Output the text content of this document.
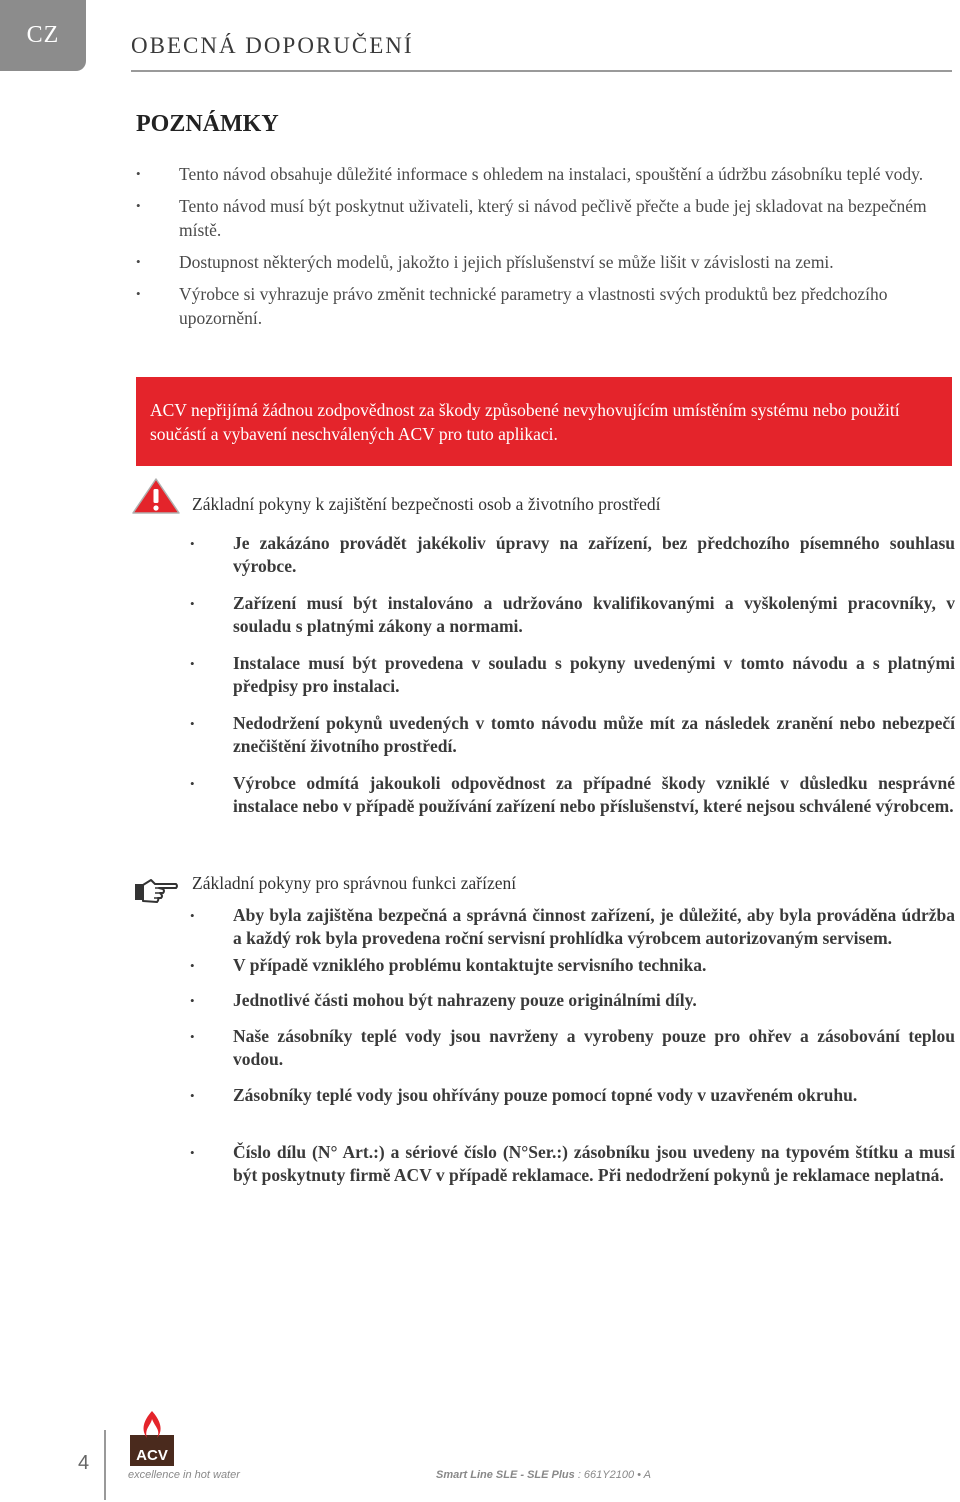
CZ	OBECNÁ DOPORUČENÍ
POZNÁMKY
• Tento návod obsahuje důležité informace s ohledem na instalaci, spouštění a údržbu zásobníku teplé vody.
• Tento návod musí být poskytnut uživateli, který si návod pečlivě přečte a bude jej skladovat na bezpečném místě.
• Dostupnost některých modelů, jakožto i jejich příslušenství se může lišit v závislosti na zemi.
• Výrobce si vyhrazuje právo změnit technické parametry a vlastnosti svých produktů bez předchozího upozornění.

ACV nepřijímá žádnou zodpovědnost za škody způsobené nevyhovujícím umístěním systému nebo použití součástí a vybavení neschválených ACV pro tuto aplikaci.

Základní pokyny k zajištění bezpečnosti osob a životního prostředí
• Je zakázáno provádět jakékoliv úpravy na zařízení, bez předchozího písemného souhlasu výrobce.
• Zařízení musí být instalováno a udržováno kvalifikovanými a vyškolenými pracovníky, v souladu s platnými zákony a normami.
• Instalace musí být provedena v souladu s pokyny uvedenými v tomto návodu a s platnými předpisy pro instalaci.
• Nedodržení pokynů uvedených v tomto návodu může mít za následek zranění nebo nebezpečí znečištění životního prostředí.
• Výrobce odmítá jakoukoli odpovědnost za případné škody vzniklé v důsledku nesprávné instalace nebo v případě používání zařízení nebo příslušenství, které nejsou schválené výrobcem.
Základní pokyny pro správnou funkci zařízení
• Aby byla zajištěna bezpečná a správná činnost zařízení, je důležité, aby byla prováděna údržba a každý rok byla provedena roční servisní prohlídka výrobcem autorizovaným servisem.
• V případě vzniklého problému kontaktujte servisního technika.
• Jednotlivé části mohou být nahrazeny pouze originálními díly.
• Naše zásobníky teplé vody jsou navrženy a vyrobeny pouze pro ohřev a zásobování teplou vodou.
• Zásobníky teplé vody jsou ohřívány pouze pomocí topné vody v uzavřeném okruhu.
• Číslo dílu (N° Art.:) a sériové číslo (N°Ser.:) zásobníku jsou uvedeny na typovém štítku a musí být poskytnuty firmě ACV v případě reklamace. Při nedodržení pokynů je reklamace neplatná.
4	ACV
excellence in hot water	Smart Line SLE - SLE Plus : 661Y2100 • A
